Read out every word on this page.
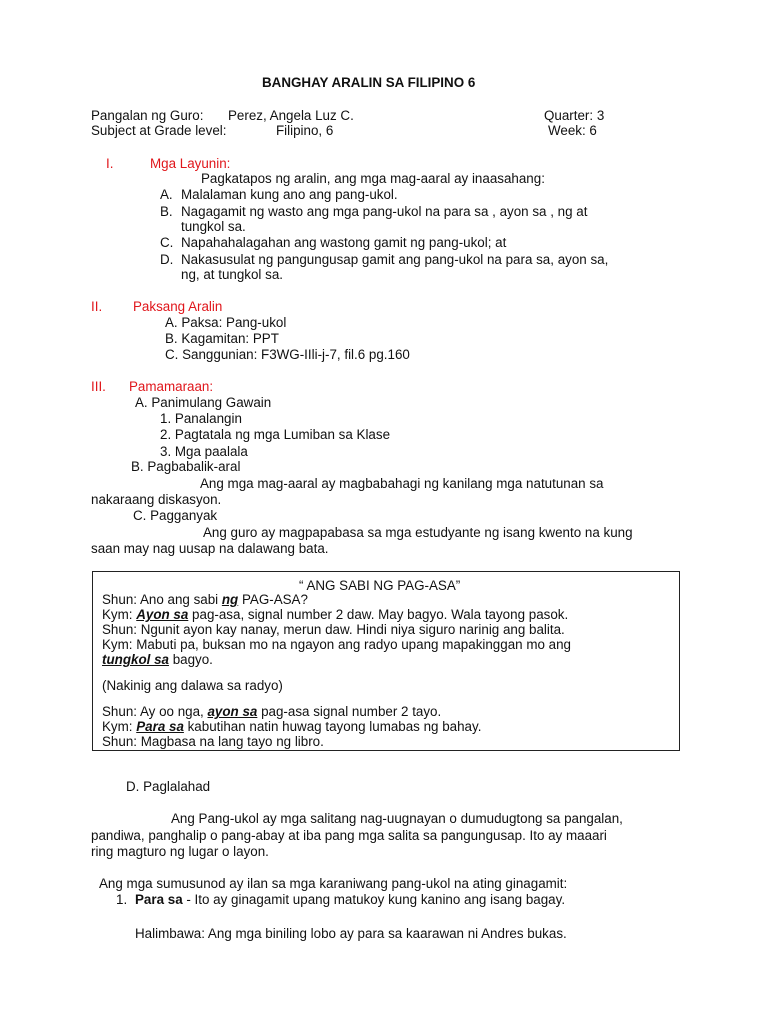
BANGHAY ARALIN SA FILIPINO 6
Pangalan ng Guro: Perez, Angela Luz C.	Quarter: 3
Subject at Grade level:	Filipino, 6	Week: 6
I.	Mga Layunin:
Pagkatapos ng aralin, ang mga mag-aaral ay inaasahang:
A. Malalaman kung ano ang pang-ukol.
B. Nagagamit ng wasto ang mga pang-ukol na para sa , ayon sa , ng at
tungkol sa.
C. Napahahalagahan ang wastong gamit ng pang-ukol; at
D. Nakasusulat ng pangungusap gamit ang pang-ukol na para sa, ayon sa,
ng, at tungkol sa.
II. Paksang Aralin
A. Paksa: Pang-ukol
B. Kagamitan: PPT
C. Sanggunian: F3WG-IIli-j-7, fil.6 pg.160
III. Pamamaraan:
A. Panimulang Gawain
1. Panalangin
2. Pagtatala ng mga Lumiban sa Klase
3. Mga paalala
B. Pagbabalik-aral
Ang mga mag-aaral ay magbabahagi ng kanilang mga natutunan sa
nakaraang diskasyon.
C. Pagganyak
Ang guro ay magpapabasa sa mga estudyante ng isang kwento na kung
saan may nag uusap na dalawang bata.
“ ANG SABI NG PAG-ASA”
Shun: Ano ang sabi ng PAG-ASA?
Kym: Ayon sa pag-asa, signal number 2 daw. May bagyo. Wala tayong pasok.
Shun: Ngunit ayon kay nanay, merun daw. Hindi niya siguro narinig ang balita.
Kym: Mabuti pa, buksan mo na ngayon ang radyo upang mapakinggan mo ang
tungkol sa bagyo.
(Nakinig ang dalawa sa radyo)
Shun: Ay oo nga, ayon sa pag-asa signal number 2 tayo.
Kym: Para sa kabutihan natin huwag tayong lumabas ng bahay.
Shun: Magbasa na lang tayo ng libro.
D. Paglalahad
Ang Pang-ukol ay mga salitang nag-uugnayan o dumudugtong sa pangalan,
pandiwa, panghalip o pang-abay at iba pang mga salita sa pangungusap. Ito ay maaari
ring magturo ng lugar o layon.
Ang mga sumusunod ay ilan sa mga karaniwang pang-ukol na ating ginagamit:
1. Para sa - Ito ay ginagamit upang matukoy kung kanino ang isang bagay.
Halimbawa: Ang mga biniling lobo ay para sa kaarawan ni Andres bukas.
